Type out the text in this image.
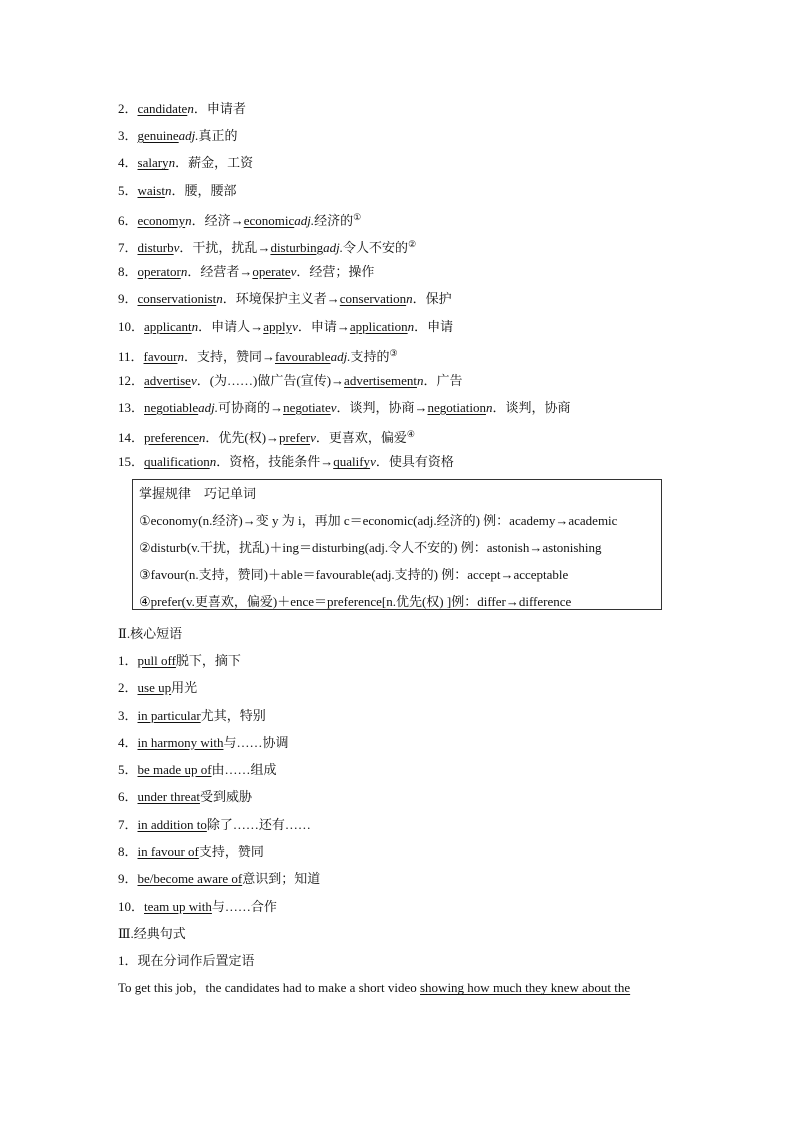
2．candidaten．申请者
3．genuineadj.真正的
4．salaryn．薪金，工资
5．waistn．腰，腰部
6．economyn．经济→economicadj.经济的①
7．disturbv．干扰，扰乱→disturbingadj.令人不安的②
8．operatorn．经营者→operatev．经营；操作
9．conservationistn．环境保护主义者→conservationn．保护
10．applicantn．申请人→applyv．申请→applicationn．申请
11．favourn．支持，赞同→favourableadj.支持的③
12．advertisev．(为……)做广告(宣传)→advertisementn．广告
13．negotiableadj.可协商的→negotiatev．谈判，协商→negotiationn．谈判，协商
14．preferencen．优先(权)→preferv．更喜欢，偏爱④
15．qualificationn．资格，技能条件→qualifyv．使具有资格
掌握规律　巧记单词
①economy(n.经济)→变 y 为 i，再加 c＝economic(adj.经济的) 例：academy→academic
②disturb(v.干扰，扰乱)＋ing＝disturbing(adj.令人不安的) 例：astonish→astonishing
③favour(n.支持，赞同)＋able＝favourable(adj.支持的) 例：accept→acceptable
④prefer(v.更喜欢，偏爱)＋ence＝preference[n.优先(权) ]例：differ→difference
Ⅱ.核心短语
1．pull off脱下，摘下
2．use up用光
3．in particular尤其，特别
4．in harmony with与……协调
5．be made up of由……组成
6．under threat受到威胁
7．in addition to除了……还有……
8．in favour of支持，赞同
9．be/become aware of意识到；知道
10．team up with与……合作
Ⅲ.经典句式
1．现在分词作后置定语
To get this job，the candidates had to make a short video showing how much they knew about the
